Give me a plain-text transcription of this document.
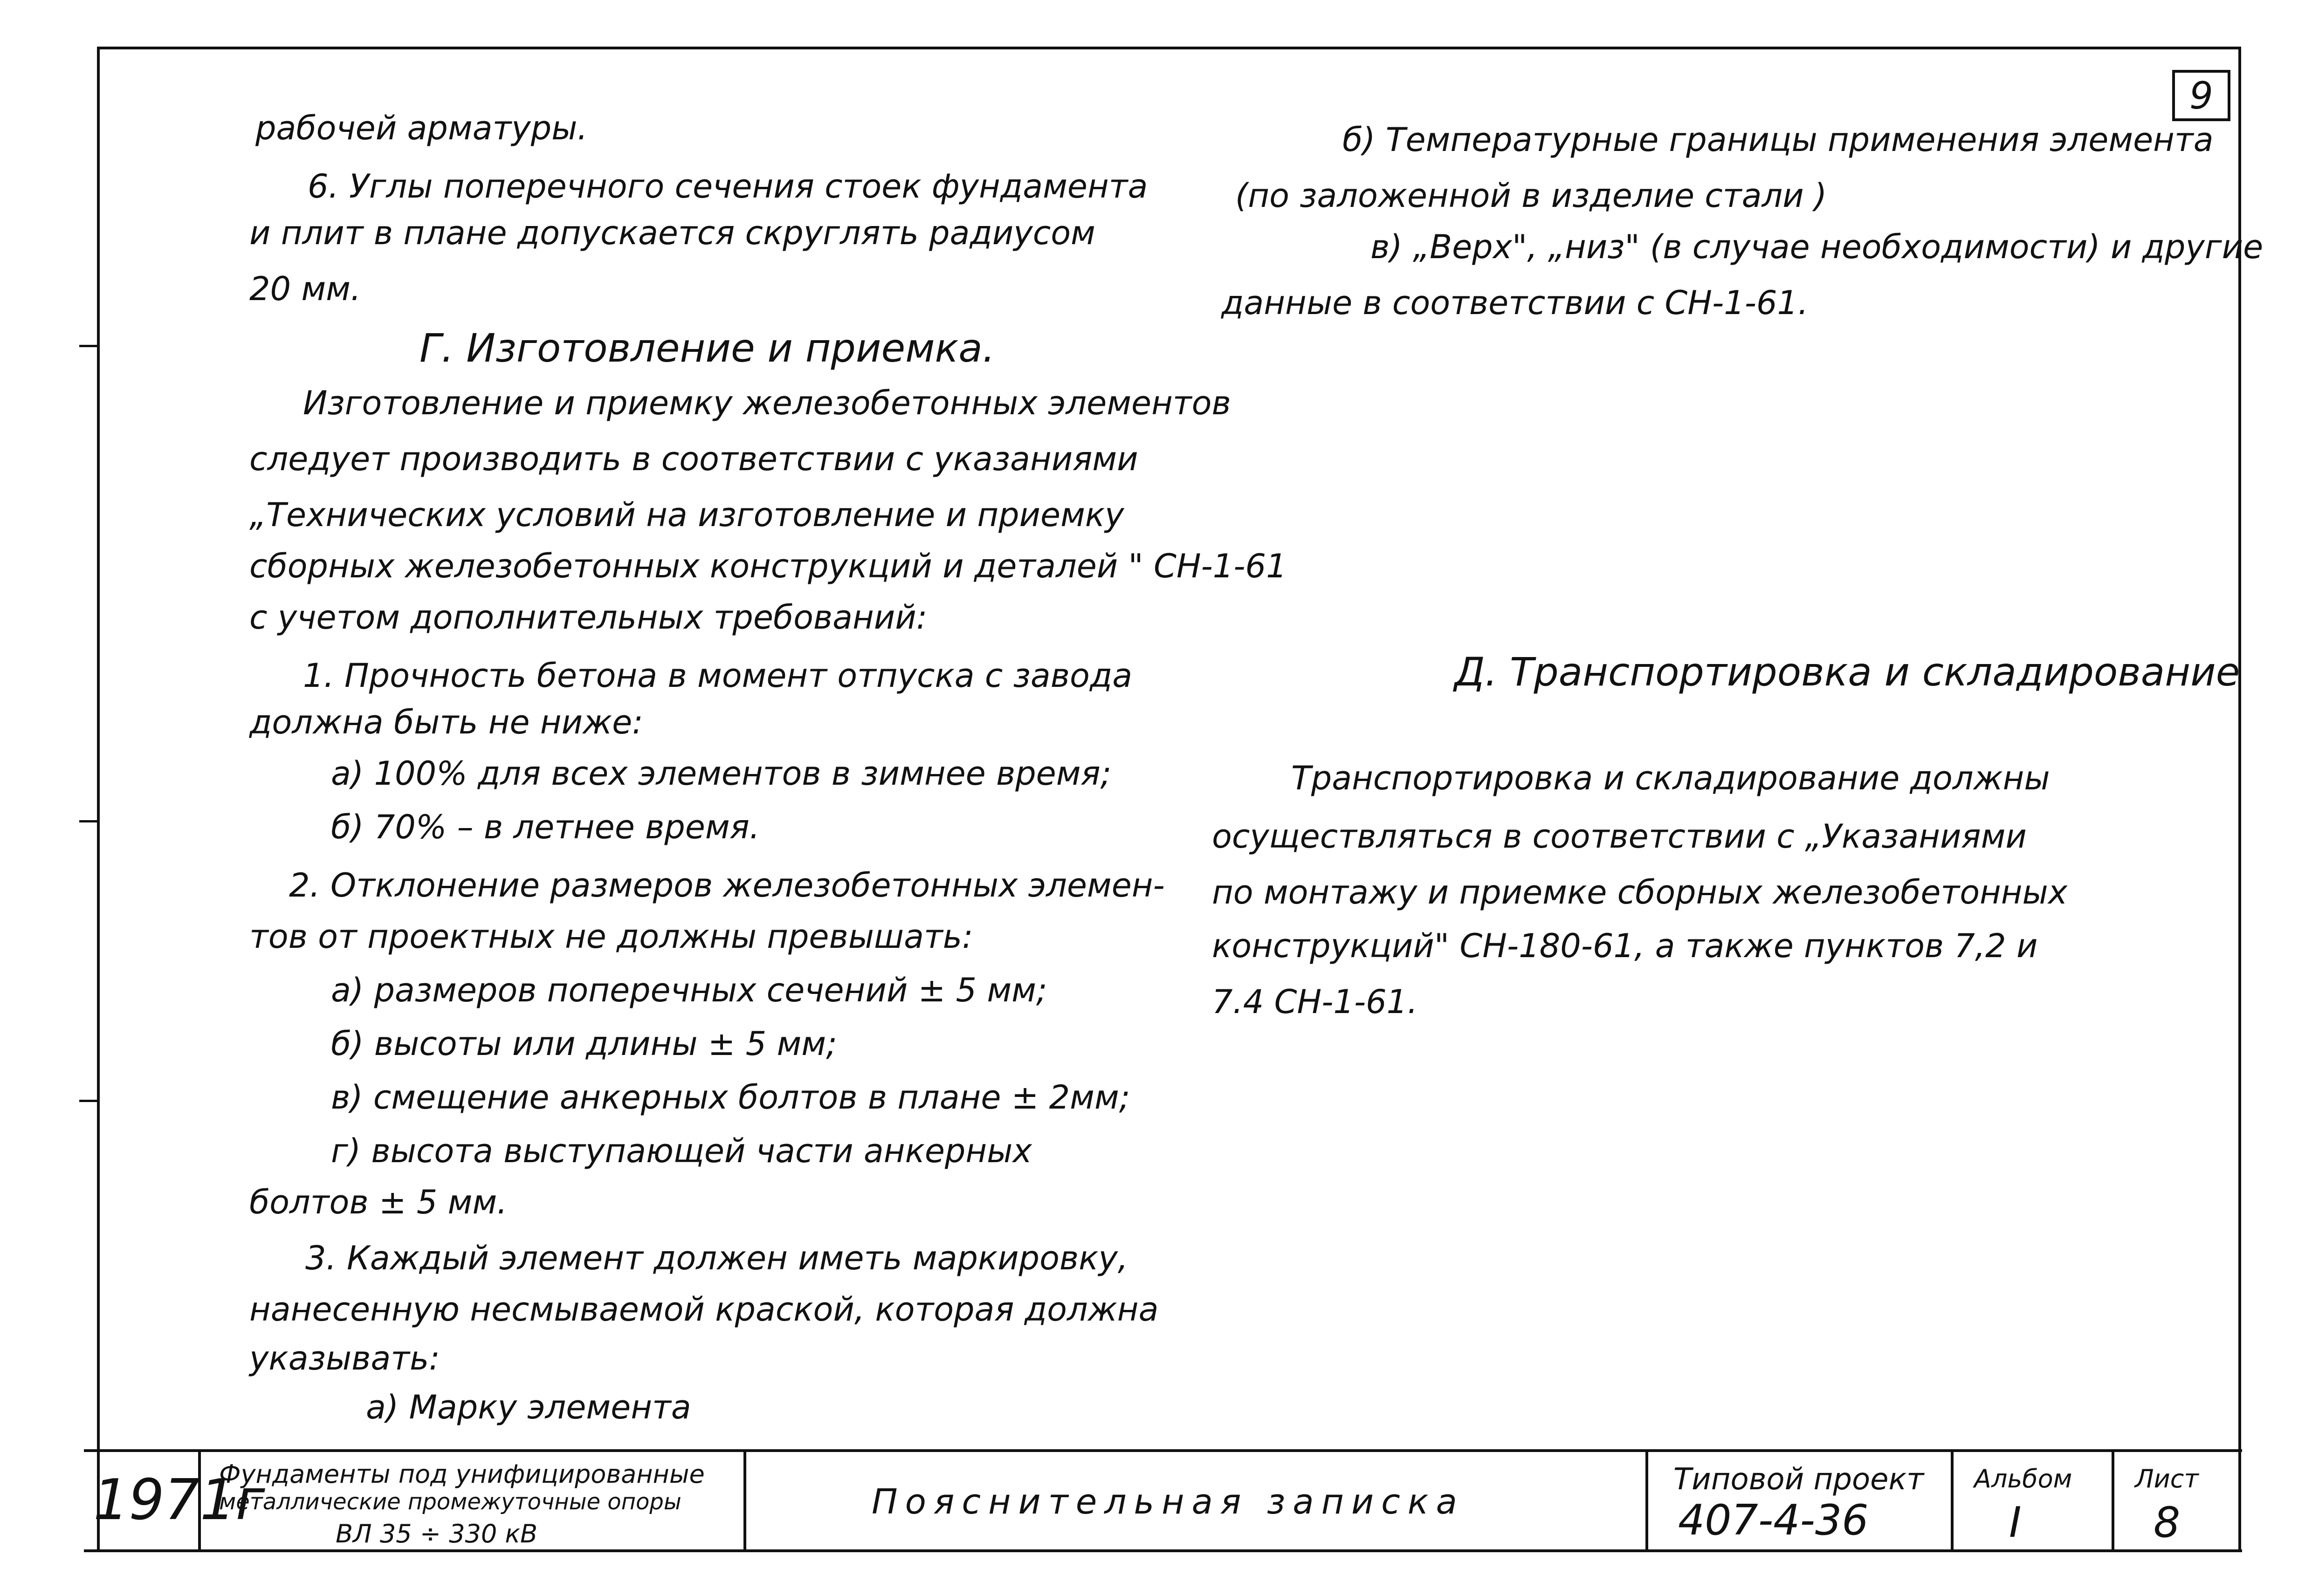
9
рабочей арматуры.
6. Углы поперечного сечения стоек фундамента
и плит в плане допускается скруглять радиусом
20 мм.
Г. Изготовление и приемка.
Изготовление и приемку железобетонных элементов
следует производить в соответствии с указаниями
„Технических условий на изготовление и приемку
сборных железобетонных конструкций и деталей " СН-1-61
с учетом дополнительных требований:
1. Прочность бетона в момент отпуска с завода
должна быть не ниже:
а) 100% для всех элементов в зимнее время;
б) 70% – в летнее время.
2. Отклонение размеров железобетонных элемен-
тов от проектных не должны превышать:
а) размеров поперечных сечений ± 5 мм;
б) высоты или длины ± 5 мм;
в) смещение анкерных болтов в плане ± 2мм;
г) высота выступающей части анкерных
болтов ± 5 мм.
3. Каждый элемент должен иметь маркировку,
нанесенную несмываемой краской, которая должна
указывать:
а) Марку элемента
б) Температурные границы применения элемента
(по заложенной в изделие стали )
в) „Верх", „низ" (в случае необходимости) и другие
данные в соответствии с СН-1-61.
Д. Транспортировка и складирование
Транспортировка и складирование должны
осуществляться в соответствии с „Указаниями
по монтажу и приемке сборных железобетонных
конструкций" СН-180-61, а также пунктов 7,2 и
7.4 СН-1-61.
1971г
Фундаменты под унифицированные
металлические промежуточные опоры
ВЛ 35 ÷ 330 кВ
Пояснительная записка
Типовой проект
407-4-36
Альбом
I
Лист
8
